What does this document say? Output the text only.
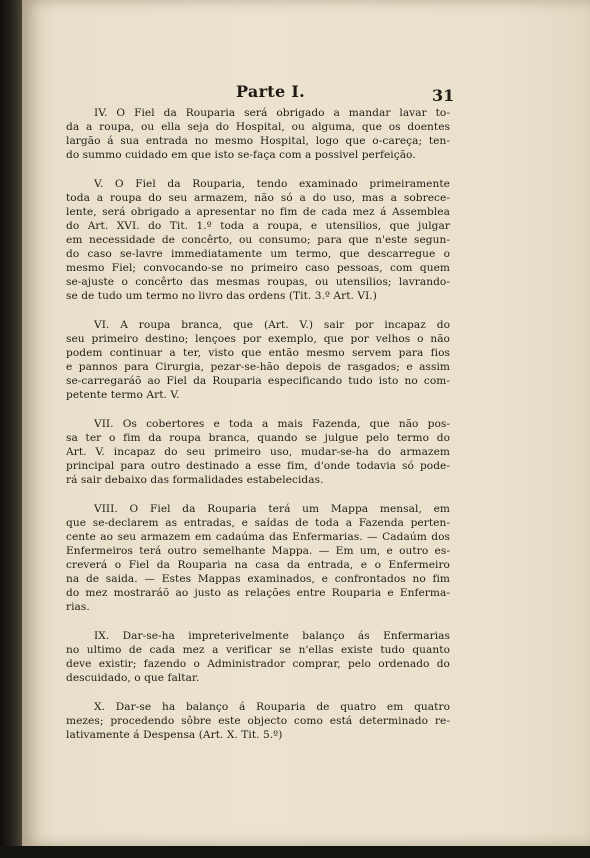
Parte I.	31
IV. O Fiel da Rouparia será obrigado a mandar lavar to-
da a roupa, ou ella seja do Hospital, ou alguma, que os doentes
largão á sua entrada no mesmo Hospital, logo que o-careça; ten-
do summo cuidado em que isto se-faça com a possivel perfeição.
V. O Fiel da Rouparia, tendo examinado primeiramente
toda a roupa do seu armazem, não só a do uso, mas a sobrece-
lente, será obrigado a apresentar no fim de cada mez á Assemblea
do Art. XVI. do Tit. 1.º toda a roupa, e utensilios, que julgar
em necessidade de concêrto, ou consumo; para que n'este segun-
do caso se-lavre immediatamente um termo, que descarregue o
mesmo Fiel; convocando-se no primeiro caso pessoas, com quem
se-ajuste o concêrto das mesmas roupas, ou utensilios; lavrando-
se de tudo um termo no livro das ordens (Tit. 3.º Art. VI.)
VI. A roupa branca, que (Art. V.) sair por incapaz do
seu primeiro destino; lençoes por exemplo, que por velhos o não
podem continuar a ter, visto que então mesmo servem para fios
e pannos para Cirurgia, pezar-se-hão depois de rasgados; e assim
se-carregaráõ ao Fiel da Rouparia especificando tudo isto no com-
petente termo Art. V.
VII. Os cobertores e toda a mais Fazenda, que não pos-
sa ter o fim da roupa branca, quando se julgue pelo termo do
Art. V. incapaz do seu primeiro uso, mudar-se-ha do armazem
principal para outro destinado a esse fim, d'onde todavia só pode-
rá sair debaixo das formalidades estabelecidas.
VIII. O Fiel da Rouparia terá um Mappa mensal, em
que se-declarem as entradas, e saídas de toda a Fazenda perten-
cente ao seu armazem em cadaúma das Enfermarias. — Cadaúm dos
Enfermeiros terá outro semelhante Mappa. — Em um, e outro es-
creverá o Fiel da Rouparia na casa da entrada, e o Enfermeiro
na de saida. — Estes Mappas examinados, e confrontados no fim
do mez mostraráõ ao justo as relações entre Rouparia e Enferma-
rias.
IX. Dar-se-ha impreterivelmente balanço ás Enfermarias
no ultimo de cada mez a verificar se n'ellas existe tudo quanto
deve existir; fazendo o Administrador comprar, pelo ordenado do
descuidado, o que faltar.
X. Dar-se ha balanço á Rouparia de quatro em quatro
mezes; procedendo sôbre este objecto como está determinado re-
lativamente á Despensa (Art. X. Tit. 5.º)
